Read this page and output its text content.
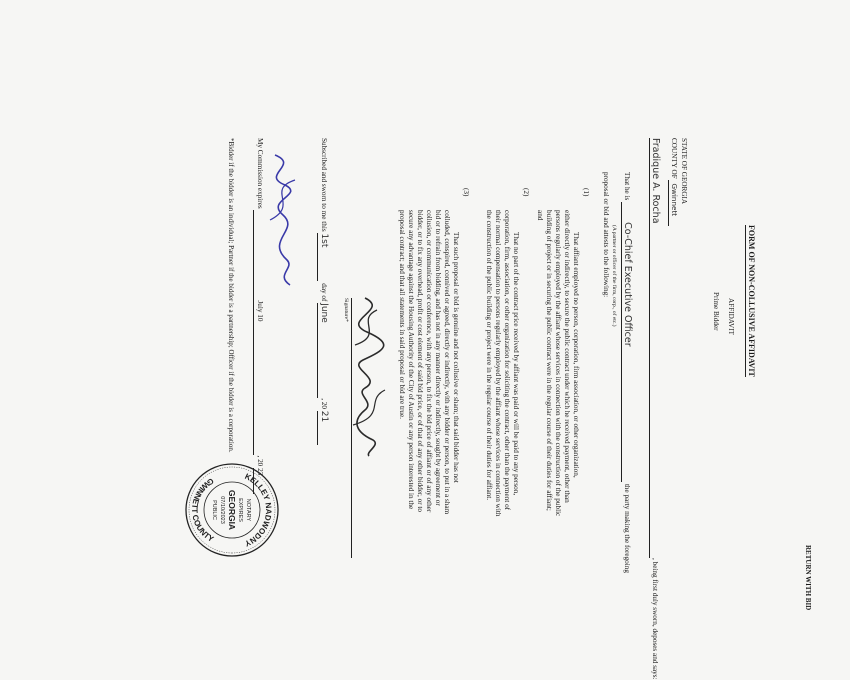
RETURN WITH BID
FORM OF NON-COLLUSIVE AFFIDAVIT
AFFIDAVIT
Prime Bidder
STATE OF GEORGIA
COUNTY OF Gwinnett
Fradique A. Rocha, being first duly sworn, deposes and says:
That he is Co-Chief Executive Officer the party making the foregoing
(A partner or officer of the firm, corp., of etc.)
proposal or bid and attests to the following:
(1)
That affiant employed no person, corporation, firm association, or other organization,
either directly or indirectly, to secure the public contract under which he received payment, other than
persons regularly employed by the affiant whose services in connection with the construction of the public
building of project or in securing the public contract were in the regular course of their duties for affiant;
and
(2)
That no part of the contract price received by affiant was paid or will be paid to any person,
corporation, firm, association, or other organization for soliciting the contract, other than the payment of
their normal compensation to persons regularly employed by the affiant whose services in connection with
the construction of the public building or project were in the regular course of their duties for affiant.
(3)
That such proposal or bid is genuine and not collusive or sham; that said bidder has not
colluded, conspired, connived or agreed, directly or indirectly, with any bidder or person, to put in a sham
bid or to refrain from bidding, and has not in any manner directly or indirectly, sought by agreement or
collusion, or communication or conference, with any person, to fix the bid price of affiant or of any other
bidder, or to fix any overhead, profit or cost element of said bid price, or of that of any other bidder, or to
secure any advantage against the Housing Authority of the City of Austin or any person interested in the
proposal contract; and that all statements in said proposal or bid are true.
Signature*
Subscribed and sworn to me this 1st day of June, 20 21
My Commission expires July 10, 20 23
KELLEY NADWODNY
GWINNETT COUNTY
NOTARY
EXPIRES
GEORGIA
07/10/2023
PUBLIC
*Bidder if the bidder is an individual; Partner if the bidder is a partnership; Officer if the bidder is a corporation.
